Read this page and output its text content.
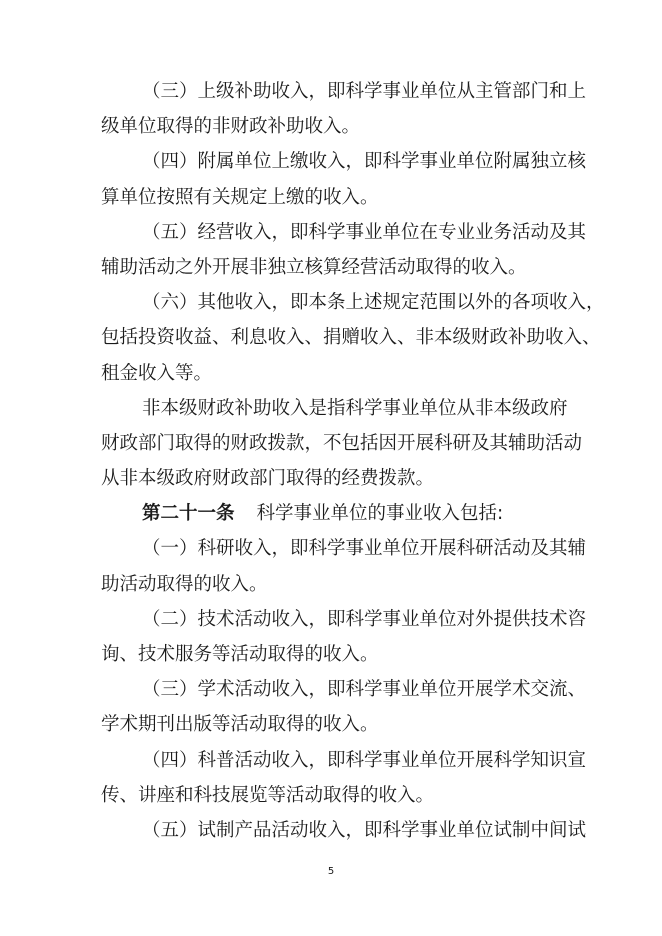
（三）上级补助收入，即科学事业单位从主管部门和上
级单位取得的非财政补助收入。
（四）附属单位上缴收入，即科学事业单位附属独立核
算单位按照有关规定上缴的收入。
（五）经营收入，即科学事业单位在专业业务活动及其
辅助活动之外开展非独立核算经营活动取得的收入。
（六）其他收入，即本条上述规定范围以外的各项收入，
包括投资收益、利息收入、捐赠收入、非本级财政补助收入、
租金收入等。
非本级财政补助收入是指科学事业单位从非本级政府
财政部门取得的财政拨款，不包括因开展科研及其辅助活动
从非本级政府财政部门取得的经费拨款。
第二十一条 科学事业单位的事业收入包括:
（一）科研收入，即科学事业单位开展科研活动及其辅
助活动取得的收入。
（二）技术活动收入，即科学事业单位对外提供技术咨
询、技术服务等活动取得的收入。
（三）学术活动收入，即科学事业单位开展学术交流、
学术期刊出版等活动取得的收入。
（四）科普活动收入，即科学事业单位开展科学知识宣
传、讲座和科技展览等活动取得的收入。
（五）试制产品活动收入，即科学事业单位试制中间试
5
